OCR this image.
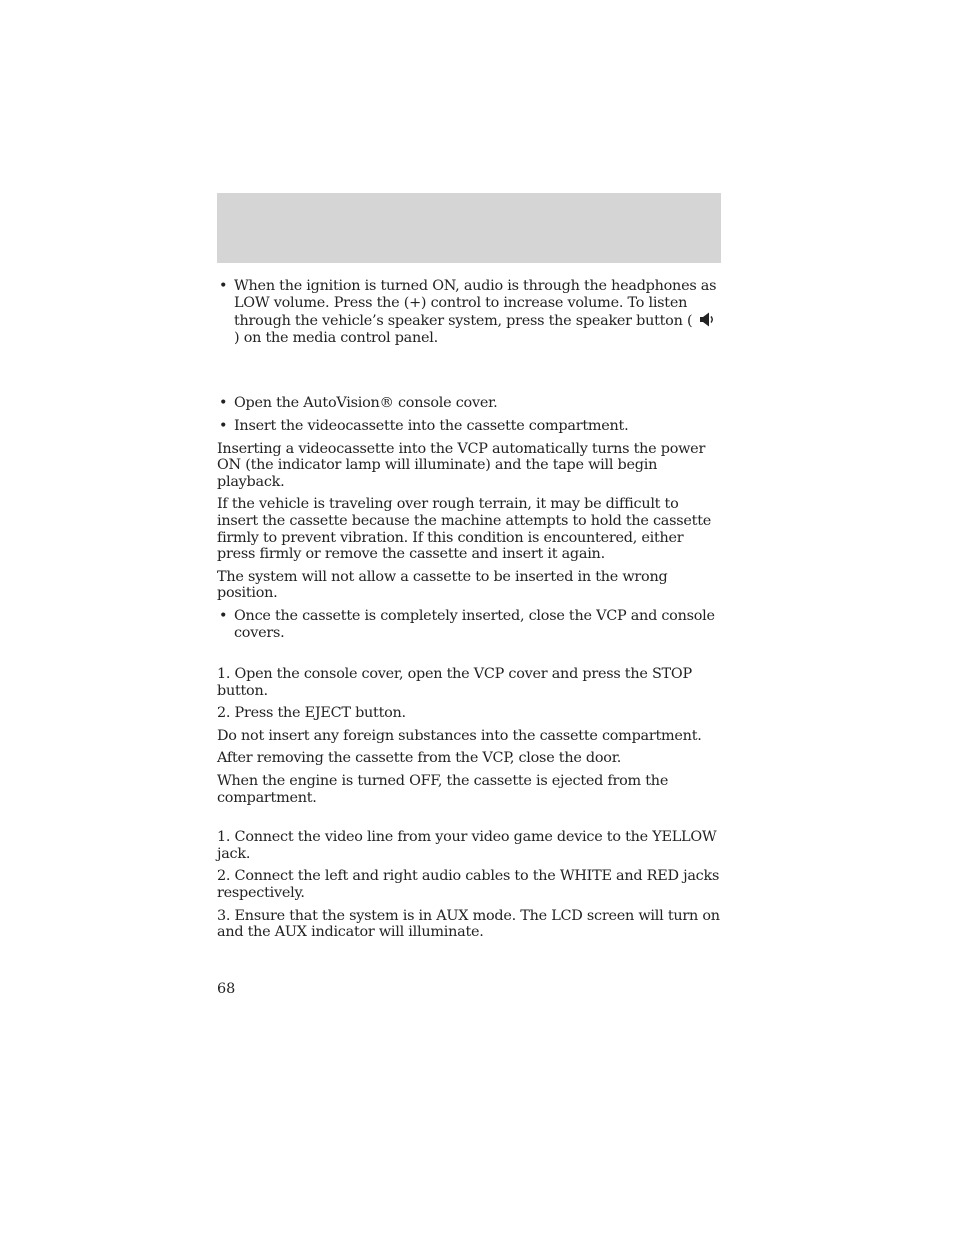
• When the ignition is turned ON, audio is through the headphones as LOW volume. Press the (+) control to increase volume. To listen through the vehicle’s speaker system, press the speaker button (  ) on the media control panel.
• Open the AutoVision® console cover.
• Insert the videocassette into the cassette compartment.

Inserting a videocassette into the VCP automatically turns the power ON (the indicator lamp will illuminate) and the tape will begin playback.

If the vehicle is traveling over rough terrain, it may be difficult to insert the cassette because the machine attempts to hold the cassette firmly to prevent vibration. If this condition is encountered, either press firmly or remove the cassette and insert it again.

The system will not allow a cassette to be inserted in the wrong position.

• Once the cassette is completely inserted, close the VCP and console covers.

1. Open the console cover, open the VCP cover and press the STOP button.

2. Press the EJECT button.

Do not insert any foreign substances into the cassette compartment.

After removing the cassette from the VCP, close the door.

When the engine is turned OFF, the cassette is ejected from the compartment.

1. Connect the video line from your video game device to the YELLOW jack.

2. Connect the left and right audio cables to the WHITE and RED jacks respectively.

3. Ensure that the system is in AUX mode. The LCD screen will turn on and the AUX indicator will illuminate.

68
